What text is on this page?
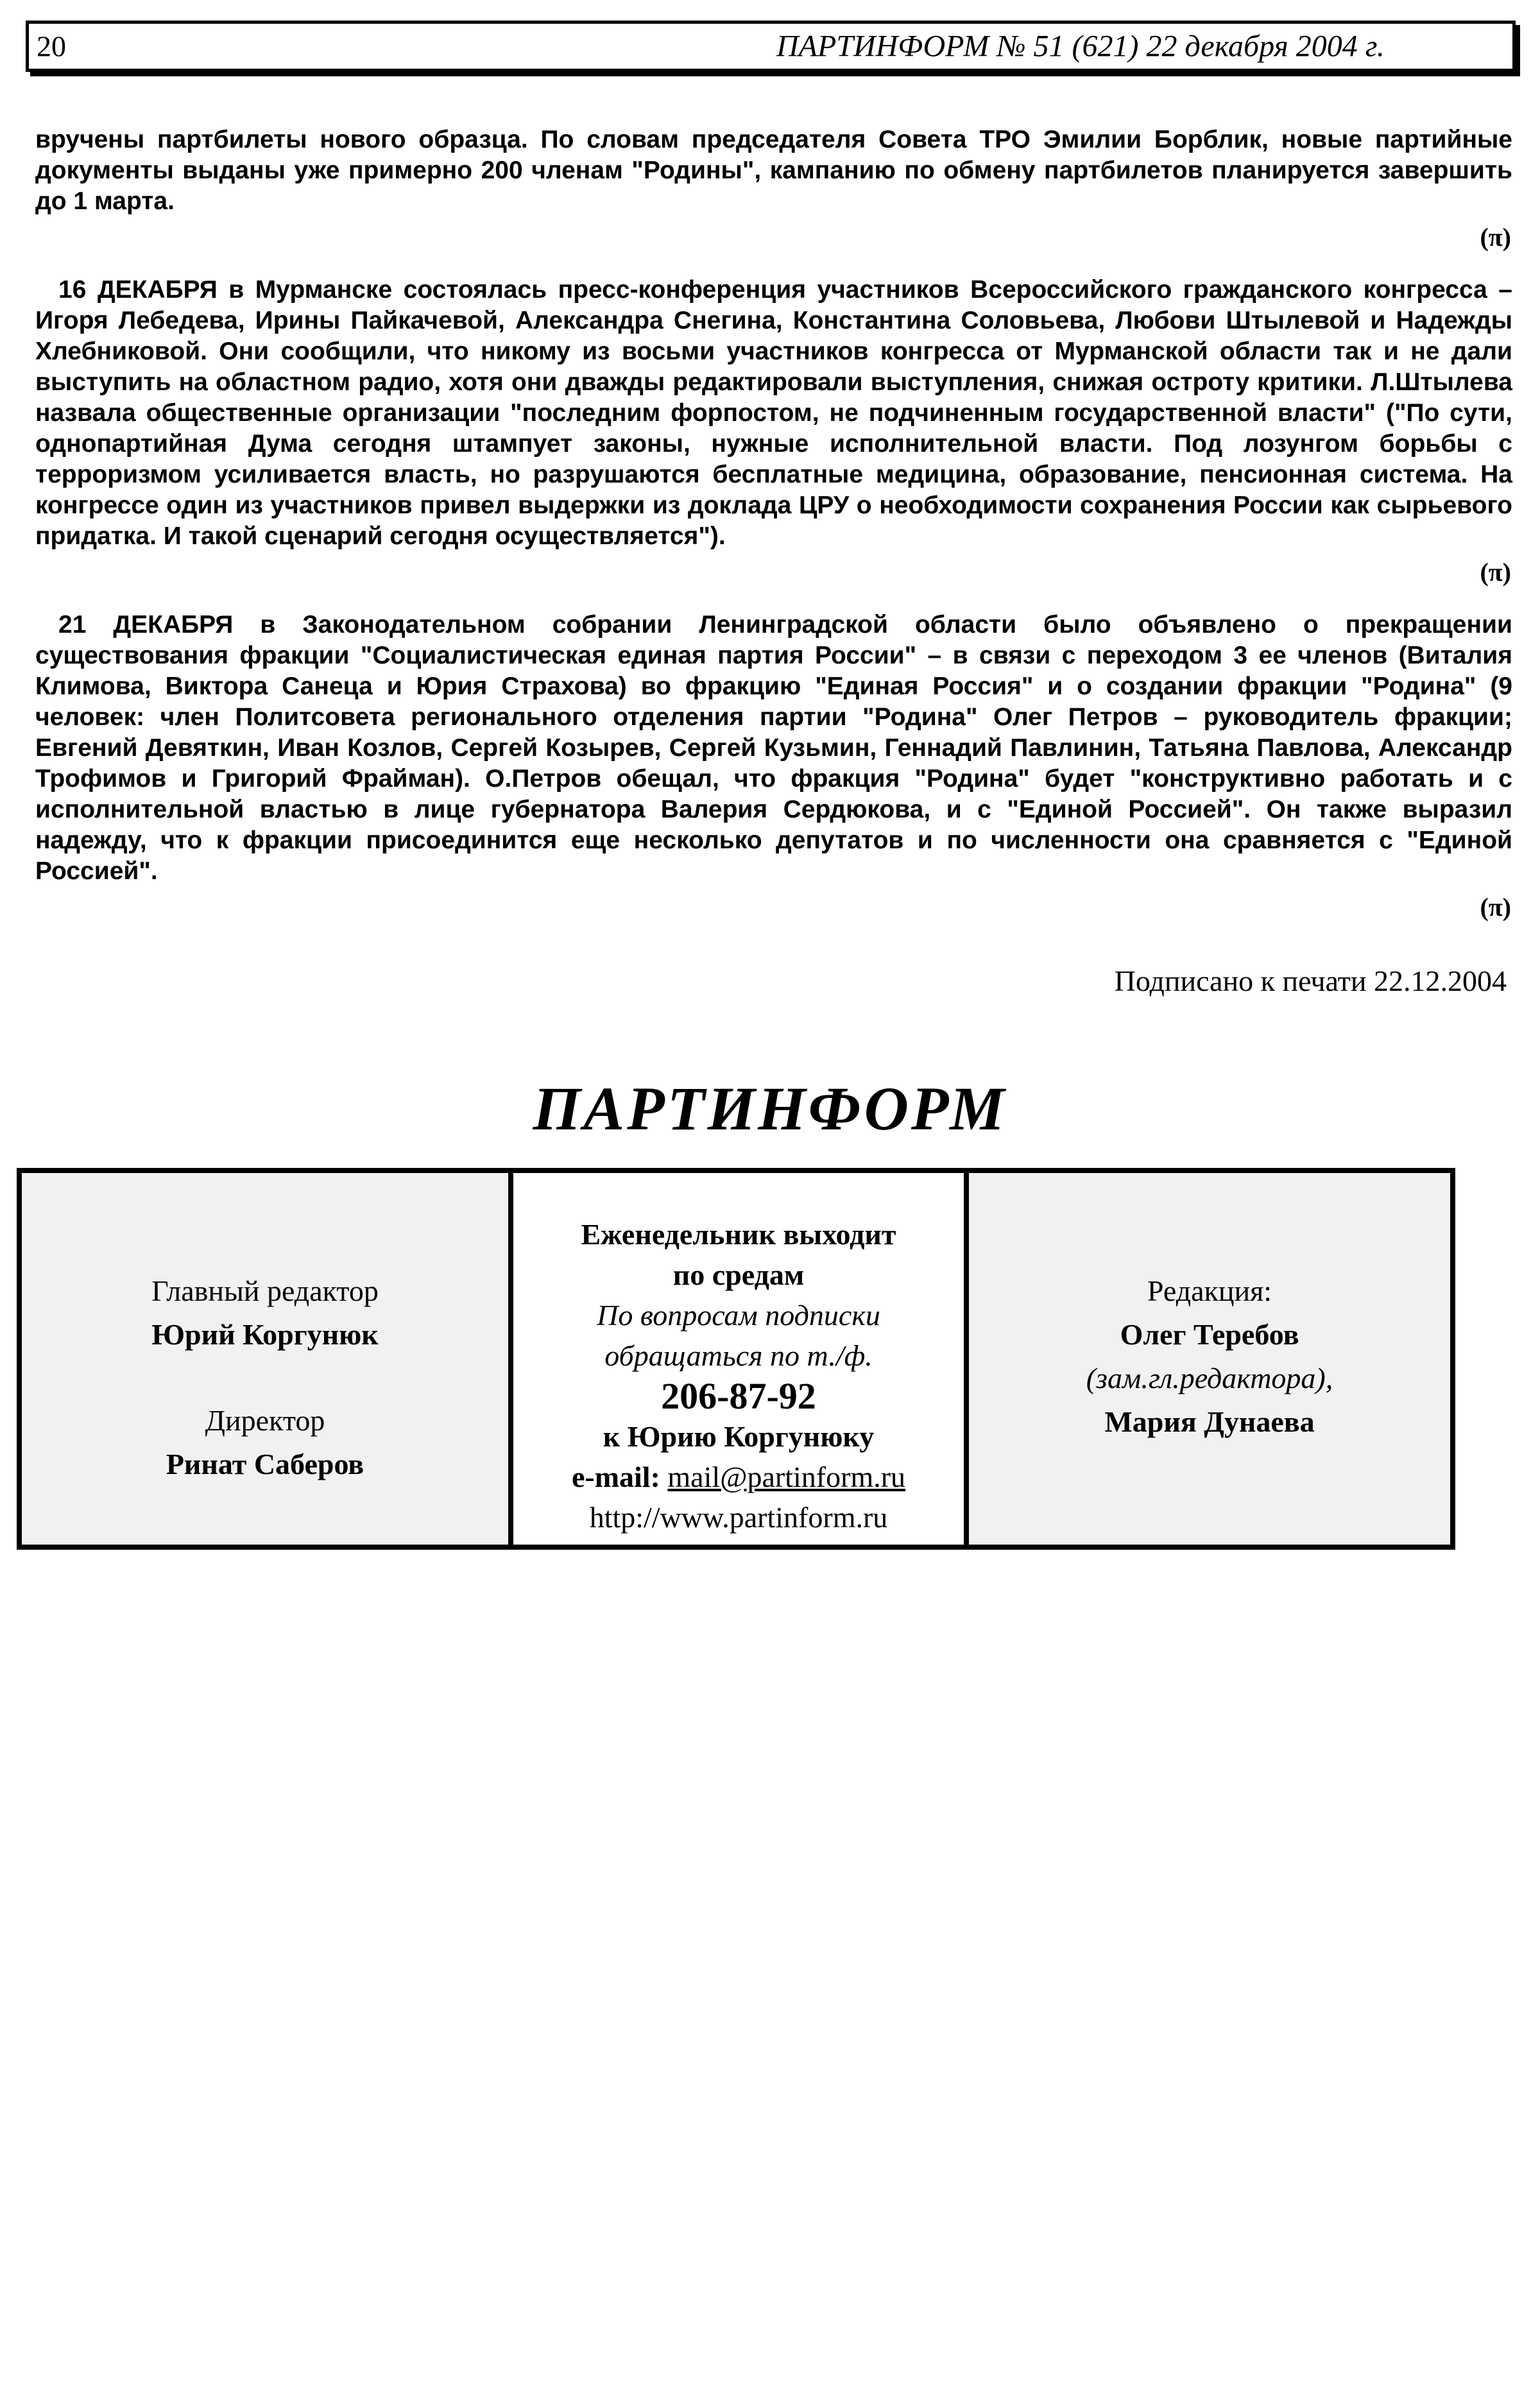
20	ПАРТИНФОРМ № 51 (621) 22 декабря 2004 г.

вручены партбилеты нового образца. По словам председателя Совета ТРО Эмилии Борблик, новые партийные документы выданы уже примерно 200 членам "Родины", кампанию по обмену партбилетов планируется завершить до 1 марта.

(π)

16 ДЕКАБРЯ в Мурманске состоялась пресс-конференция участников Всероссийского гражданского конгресса – Игоря Лебедева, Ирины Пайкачевой, Александра Снегина, Константина Соловьева, Любови Штылевой и Надежды Хлебниковой. Они сообщили, что никому из восьми участников конгресса от Мурманской области так и не дали выступить на областном радио, хотя они дважды редактировали выступления, снижая остроту критики. Л.Штылева назвала общественные организации "последним форпостом, не подчиненным государственной власти" ("По сути, однопартийная Дума сегодня штампует законы, нужные исполнительной власти. Под лозунгом борьбы с терроризмом усиливается власть, но разрушаются бесплатные медицина, образование, пенсионная система. На конгрессе один из участников привел выдержки из доклада ЦРУ о необходимости сохранения России как сырьевого придатка. И такой сценарий сегодня осуществляется").

(π)

21 ДЕКАБРЯ в Законодательном собрании Ленинградской области было объявлено о прекращении существования фракции "Социалистическая единая партия России" – в связи с переходом 3 ее членов (Виталия Климова, Виктора Санеца и Юрия Страхова) во фракцию "Единая Россия" и о создании фракции "Родина" (9 человек: член Политсовета регионального отделения партии "Родина" Олег Петров – руководитель фракции; Евгений Девяткин, Иван Козлов, Сергей Козырев, Сергей Кузьмин, Геннадий Павлинин, Татьяна Павлова, Александр Трофимов и Григорий Фрайман). О.Петров обещал, что фракция "Родина" будет "конструктивно работать и с исполнительной властью в лице губернатора Валерия Сердюкова, и с "Единой Россией". Он также выразил надежду, что к фракции присоединится еще несколько депутатов и по численности она сравняется с "Единой Россией".

(π)
Подписано к печати 22.12.2004
ПАРТИНФОРМ
Главный редактор
Юрий Коргунюк
Директор
Ринат Саберов
Еженедельник выходит
по средам
По вопросам подписки
обращаться по т./ф.
206-87-92
к Юрию Коргунюку
e-mail: mail@partinform.ru
http://www.partinform.ru
Редакция:
Олег Теребов
(зам.гл.редактора),
Мария Дунаева
